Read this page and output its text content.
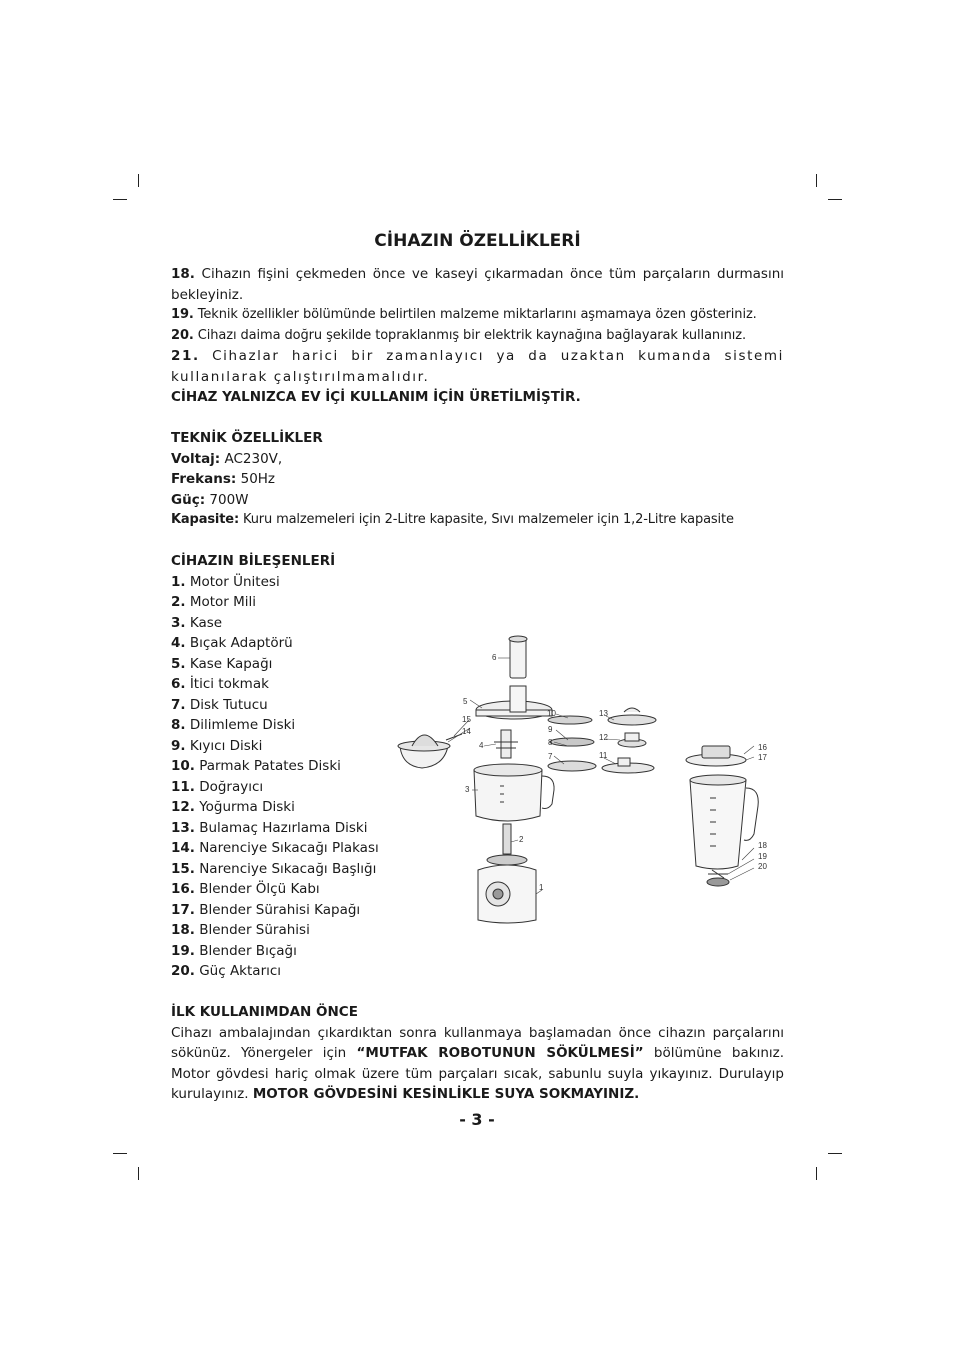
CİHAZIN ÖZELLİKLERİ

18. Cihazın fişini çekmeden önce ve kaseyi çıkarmadan önce tüm parçaların durmasını bekleyiniz.

19. Teknik özellikler bölümünde belirtilen malzeme miktarlarını aşmamaya özen gösteriniz.

20. Cihazı daima doğru şekilde topraklanmış bir elektrik kaynağına bağlayarak kullanınız.

21. Cihazlar harici bir zamanlayıcı ya da uzaktan kumanda sistemi kullanılarak çalıştırılmamalıdır.

CİHAZ YALNIZCA EV İÇİ KULLANIM İÇİN ÜRETİLMİŞTİR.

TEKNİK ÖZELLİKLER

Voltaj: AC230V,

Frekans: 50Hz

Güç: 700W

Kapasite: Kuru malzemeleri için 2-Litre kapasite, Sıvı malzemeler için 1,2-Litre kapasite

CİHAZIN BİLEŞENLERİ

1. Motor Ünitesi
2. Motor Mili
3. Kase
4. Bıçak Adaptörü
5. Kase Kapağı
6. İtici tokmak
7. Disk Tutucu
8. Dilimleme Diski
9. Kıyıcı Diski
10. Parmak Patates Diski
11. Doğrayıcı
12. Yoğurma Diski
13. Bulamaç Hazırlama Diski
14. Narenciye Sıkacağı Plakası
15. Narenciye Sıkacağı Başlığı
16. Blender Ölçü Kabı
17. Blender Sürahisi Kapağı
18. Blender Sürahisi
19. Blender Bıçağı
20. Güç Aktarıcı

İLK KULLANIMDAN ÖNCE

Cihazı ambalajından çıkardıktan sonra kullanmaya başlamadan önce cihazın parçalarını sökünüz. Yönergeler için “MUTFAK ROBOTUNUN SÖKÜLMESİ” bölümüne bakınız. Motor gövdesi hariç olmak üzere tüm parçaları sıcak, sabunlu suyla yıkayınız. Durulayıp kurulayınız. MOTOR GÖVDESİNİ KESİNLİKLE SUYA SOKMAYINIZ.

6
5
15
14
4
3
2
1
10
9
8
7
13
12
11
16
17
18
19
20
- 3 -
